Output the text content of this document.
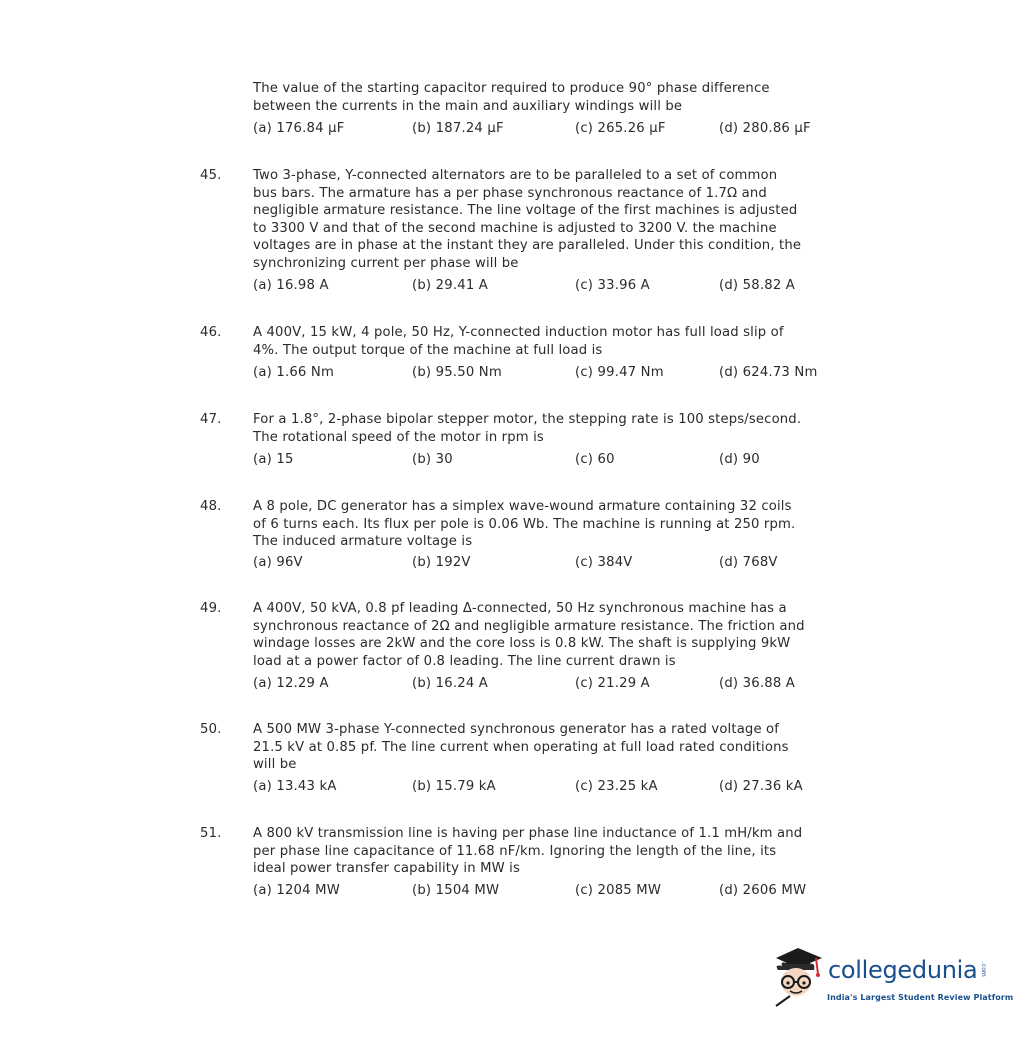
The value of the starting capacitor required to produce 90° phase difference
between the currents in the main and auxiliary windings will be
(a) 176.84 µF	(b) 187.24 µF	(c) 265.26 µF	(d) 280.86 µF
45. Two 3-phase, Y-connected alternators are to be paralleled to a set of common
bus bars. The armature has a per phase synchronous reactance of 1.7Ω and
negligible armature resistance. The line voltage of the first machines is adjusted
to 3300 V and that of the second machine is adjusted to 3200 V. the machine
voltages are in phase at the instant they are paralleled. Under this condition, the
synchronizing current per phase will be
(a) 16.98 A	(b) 29.41 A	(c) 33.96 A	(d) 58.82 A
46. A 400V, 15 kW, 4 pole, 50 Hz, Y-connected induction motor has full load slip of
4%. The output torque of the machine at full load is
(a) 1.66 Nm	(b) 95.50 Nm	(c) 99.47 Nm	(d) 624.73 Nm
47. For a 1.8°, 2-phase bipolar stepper motor, the stepping rate is 100 steps/second.
The rotational speed of the motor in rpm is
(a) 15	(b) 30	(c) 60	(d) 90
48. A 8 pole, DC generator has a simplex wave-wound armature containing 32 coils
of 6 turns each. Its flux per pole is 0.06 Wb. The machine is running at 250 rpm.
The induced armature voltage is
(a) 96V	(b) 192V	(c) 384V	(d) 768V
49. A 400V, 50 kVA, 0.8 pf leading Δ-connected, 50 Hz synchronous machine has a
synchronous reactance of 2Ω and negligible armature resistance. The friction and
windage losses are 2kW and the core loss is 0.8 kW. The shaft is supplying 9kW
load at a power factor of 0.8 leading. The line current drawn is
(a) 12.29 A	(b) 16.24 A	(c) 21.29 A	(d) 36.88 A
50. A 500 MW 3-phase Y-connected synchronous generator has a rated voltage of
21.5 kV at 0.85 pf. The line current when operating at full load rated conditions
will be
(a) 13.43 kA	(b) 15.79 kA	(c) 23.25 kA	(d) 27.36 kA
51. A 800 kV transmission line is having per phase line inductance of 1.1 mH/km and
per phase line capacitance of 11.68 nF/km. Ignoring the length of the line, its
ideal power transfer capability in MW is
(a) 1204 MW	(b) 1504 MW	(c) 2085 MW	(d) 2606 MW
collegedunia .com
India's Largest Student Review Platform
